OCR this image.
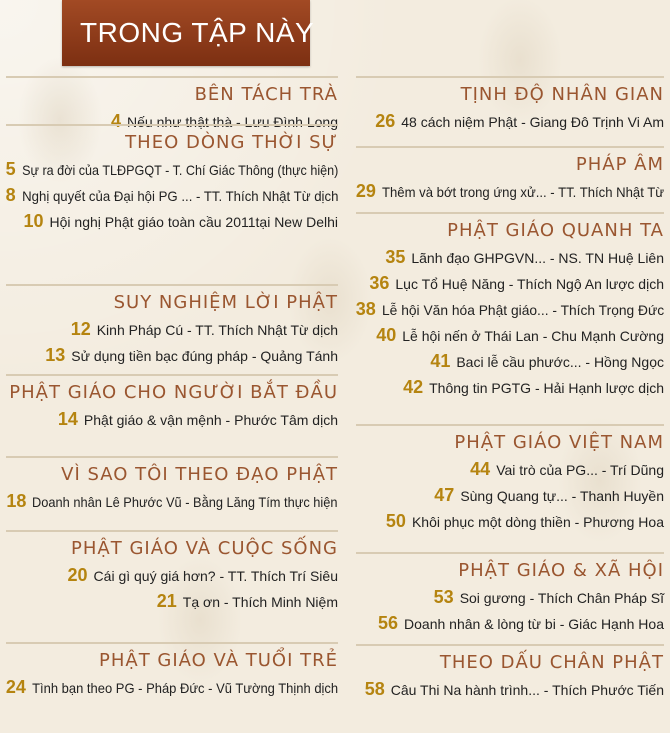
TRONG TẬP NÀY
BÊN TÁCH TRÀ
4 Nếu như thật thà - Lưu Đình Long
THEO DÒNG THỜI SỰ
5 Sự ra đời của TLĐPGQT - T. Chí Giác Thông (thực hiện)
8 Nghị quyết của Đại hội PG ... - TT. Thích Nhật Từ dịch
10 Hội nghị Phật giáo toàn cầu 2011tại New Delhi
SUY NGHIỆM LỜI PHẬT
12 Kinh Pháp Cú - TT. Thích Nhật Từ dịch
13 Sử dụng tiền bạc đúng pháp - Quảng Tánh
PHẬT GIÁO CHO NGƯỜI BẮT ĐẦU
14 Phật giáo & vận mệnh - Phước Tâm dịch
VÌ SAO TÔI THEO ĐẠO PHẬT
18 Doanh nhân Lê Phước Vũ - Bằng Lăng Tím thực hiện
PHẬT GIÁO VÀ CUỘC SỐNG
20 Cái gì quý giá hơn? - TT. Thích Trí Siêu
21 Tạ ơn - Thích Minh Niệm
PHẬT GIÁO VÀ TUỔI TRẺ
24 Tình bạn theo PG - Pháp Đức - Vũ Tường Thịnh dịch
TỊNH ĐỘ NHÂN GIAN
26 48 cách niệm Phật - Giang Đô Trịnh Vi Am
PHÁP ÂM
29 Thêm và bớt trong ứng xử... - TT. Thích Nhật Từ
PHẬT GIÁO QUANH TA
35 Lãnh đạo GHPGVN... - NS. TN Huệ Liên
36 Lục Tổ Huệ Năng - Thích Ngộ An lược dịch
38 Lễ hội Văn hóa Phật giáo... - Thích Trọng Đức
40 Lễ hội nến ở Thái Lan - Chu Mạnh Cường
41 Baci lễ cầu phước... - Hồng Ngọc
42 Thông tin PGTG - Hải Hạnh lược dịch
PHẬT GIÁO VIỆT NAM
44 Vai trò của PG... - Trí Dũng
47 Sùng Quang tự... - Thanh Huyền
50 Khôi phục một dòng thiền - Phương Hoa
PHẬT GIÁO & XÃ HỘI
53 Soi gương - Thích Chân Pháp Sĩ
56 Doanh nhân & lòng từ bi - Giác Hạnh Hoa
THEO DẤU CHÂN PHẬT
58 Câu Thi Na hành trình... - Thích Phước Tiến
